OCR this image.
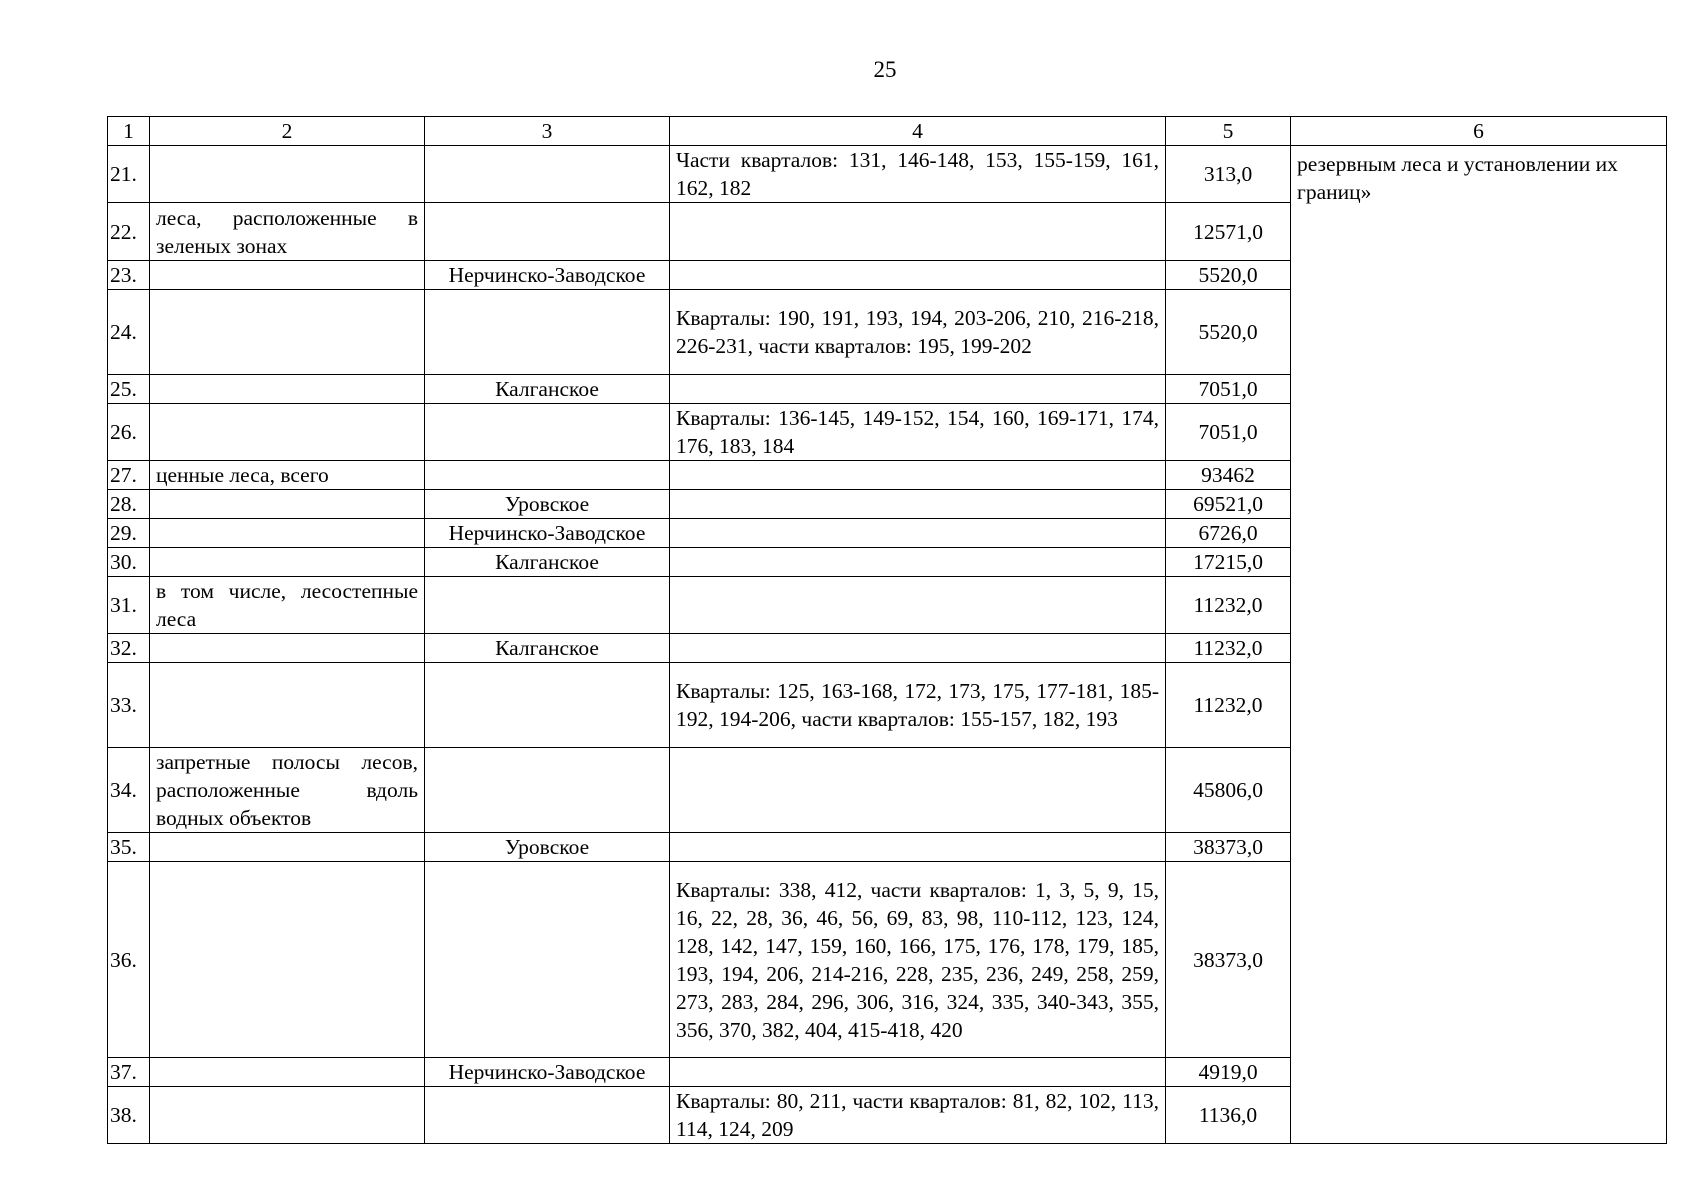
25
1	2	3	4	5	6
21.			Части кварталов: 131, 146-148, 153, 155-159, 161, 162, 182	313,0	резервным леса и установлении их границ»
22.	леса, расположенные в зеленых зонах			12571,0	
23.		Нерчинско-Заводское		5520,0	
24.			Кварталы: 190, 191, 193, 194, 203-206, 210, 216-218, 226-231, части кварталов: 195, 199-202	5520,0	
25.		Калганское		7051,0	
26.			Кварталы: 136-145, 149-152, 154, 160, 169-171, 174, 176, 183, 184	7051,0	
27.	ценные леса, всего			93462	
28.		Уровское		69521,0	
29.		Нерчинско-Заводское		6726,0	
30.		Калганское		17215,0	
31.	в том числе, лесостепные леса			11232,0	
32.		Калганское		11232,0	
33.			Кварталы: 125, 163-168, 172, 173, 175, 177-181, 185-192, 194-206, части кварталов: 155-157, 182, 193	11232,0	
34.	запретные полосы лесов, расположенные вдоль водных объектов			45806,0	
35.		Уровское		38373,0	
36.			Кварталы: 338, 412, части кварталов: 1, 3, 5, 9, 15, 16, 22, 28, 36, 46, 56, 69, 83, 98, 110-112, 123, 124, 128, 142, 147, 159, 160, 166, 175, 176, 178, 179, 185, 193, 194, 206, 214-216, 228, 235, 236, 249, 258, 259, 273, 283, 284, 296, 306, 316, 324, 335, 340-343, 355, 356, 370, 382, 404, 415-418, 420	38373,0	
37.		Нерчинско-Заводское		4919,0	
38.			Кварталы: 80, 211, части кварталов: 81, 82, 102, 113, 114, 124, 209	1136,0	
